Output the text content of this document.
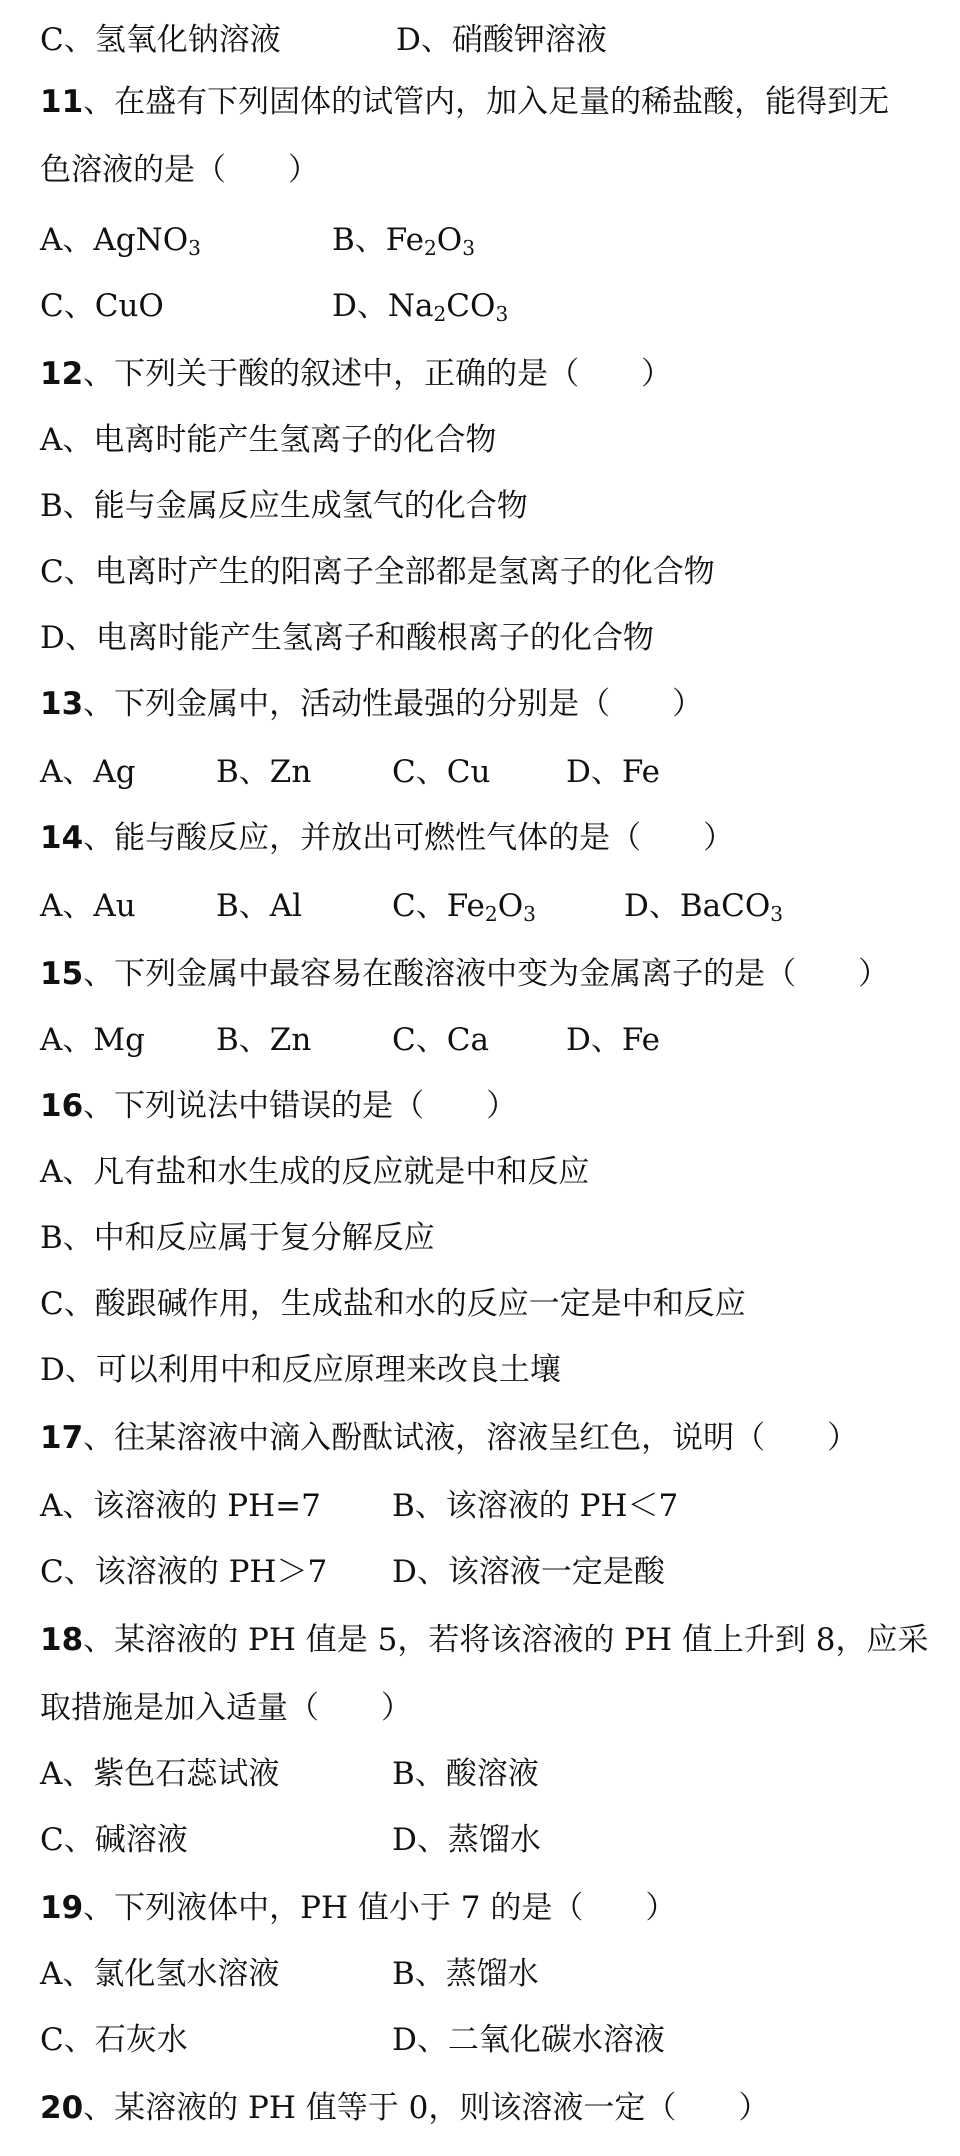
C、氢氧化钠溶液	D、硝酸钾溶液
11、在盛有下列固体的试管内，加入足量的稀盐酸，能得到无
色溶液的是（　　）
A、AgNO$_3$	B、$Fe_2O_3$
C、CuO	D、$Na_2CO_3$
12、下列关于酸的叙述中，正确的是（　　）
A、电离时能产生氢离子的化合物
B、能与金属反应生成氢气的化合物
C、电离时产生的阳离子全部都是氢离子的化合物
D、电离时能产生氢离子和酸根离子的化合物
13、下列金属中，活动性最强的分别是（　　）
A、Ag	B、Zn	C、Cu D、Fe
14、能与酸反应，并放出可燃性气体的是（　　）
A、Au	B、Al	C、$Fe_2O_3$	D、BaCO$_3$
15、下列金属中最容易在酸溶液中变为金属离子的是（　　）
A、Mg B、Zn	C、Ca D、Fe
16、下列说法中错误的是（　　）
A、凡有盐和水生成的反应就是中和反应
B、中和反应属于复分解反应
C、酸跟碱作用，生成盐和水的反应一定是中和反应
D、可以利用中和反应原理来改良土壤
17、往某溶液中滴入酚酞试液，溶液呈红色，说明（　　）
A、该溶液的 PH=7 B、该溶液的 PH＜7
C、该溶液的 PH＞7 D、该溶液一定是酸
18、某溶液的 PH 值是 5，若将该溶液的 PH 值上升到 8，应采
取措施是加入适量（　　）
A、紫色石蕊试液	B、酸溶液
C、碱溶液	D、蒸馏水
19、下列液体中，PH 值小于 7 的是（　　）
A、氯化氢水溶液	B、蒸馏水
C、石灰水	D、二氧化碳水溶液
20、某溶液的 PH 值等于 0，则该溶液一定（　　）
